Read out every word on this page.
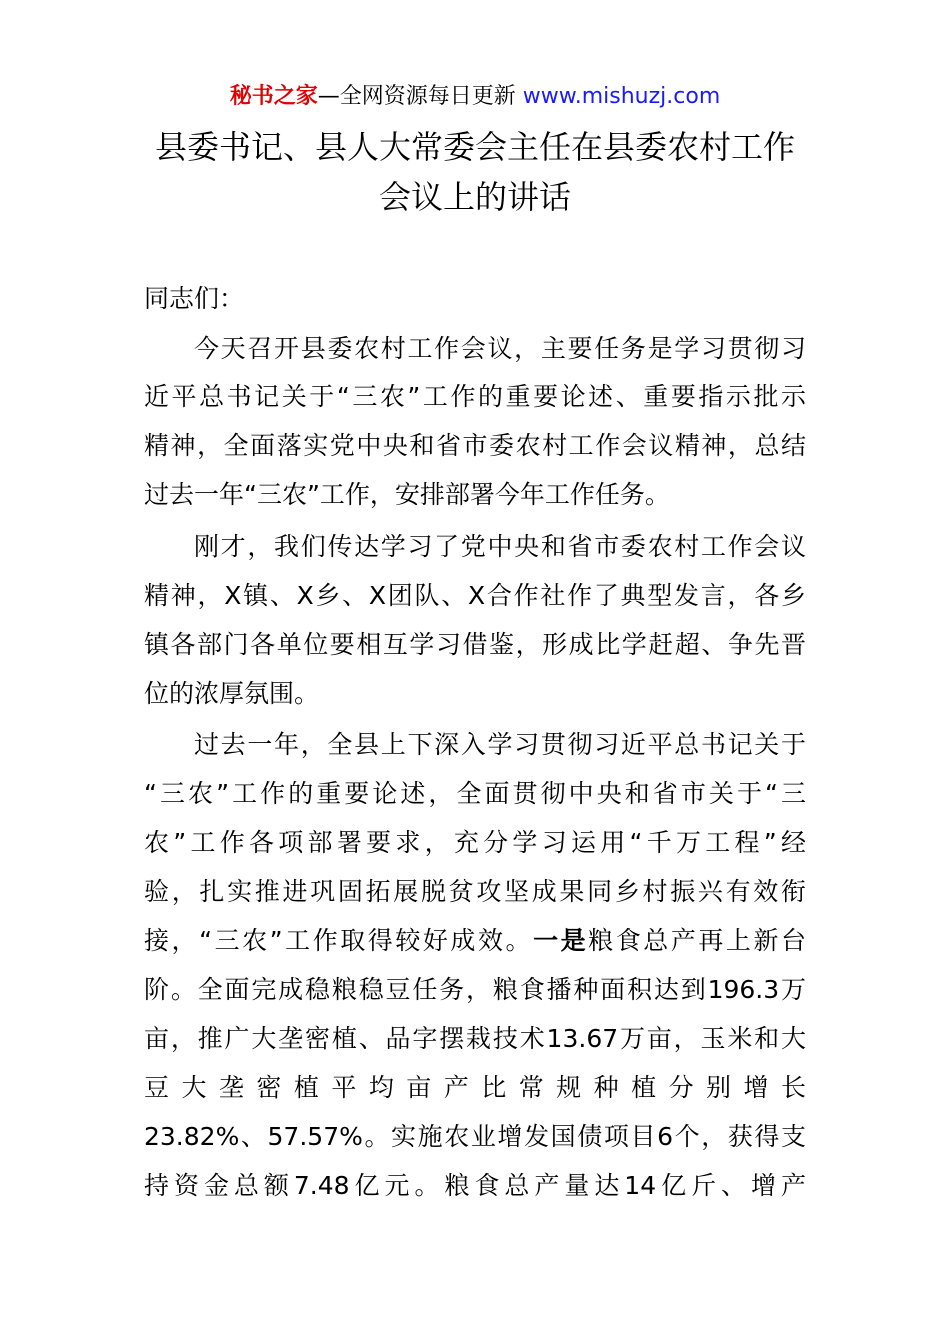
秘书之家—全网资源每日更新 www.mishuzj.com
县委书记、县人大常委会主任在县委农村工作
会议上的讲话
同志们：
今天召开县委农村工作会议，主要任务是学习贯彻习
近平总书记关于“三农”工作的重要论述、重要指示批示
精神，全面落实党中央和省市委农村工作会议精神，总结
过去一年“三农”工作，安排部署今年工作任务。
刚才，我们传达学习了党中央和省市委农村工作会议
精神，X镇、X乡、X团队、X合作社作了典型发言，各乡
镇各部门各单位要相互学习借鉴，形成比学赶超、争先晋
位的浓厚氛围。
过去一年，全县上下深入学习贯彻习近平总书记关于
“三农”工作的重要论述，全面贯彻中央和省市关于“三
农”工作各项部署要求，充分学习运用“千万工程”经
验，扎实推进巩固拓展脱贫攻坚成果同乡村振兴有效衔
接，“三农”工作取得较好成效。一是粮食总产再上新台
阶。全面完成稳粮稳豆任务，粮食播种面积达到196.3万
亩，推广大垄密植、品字摆栽技术13.67万亩，玉米和大
豆 大 垄 密 植 平 均 亩 产 比 常 规 种 植 分 别 增 长
23.82%、57.57%。实施农业增发国债项目6个，获得支
持资金总额7.48亿元。粮食总产量达14亿斤、增产
